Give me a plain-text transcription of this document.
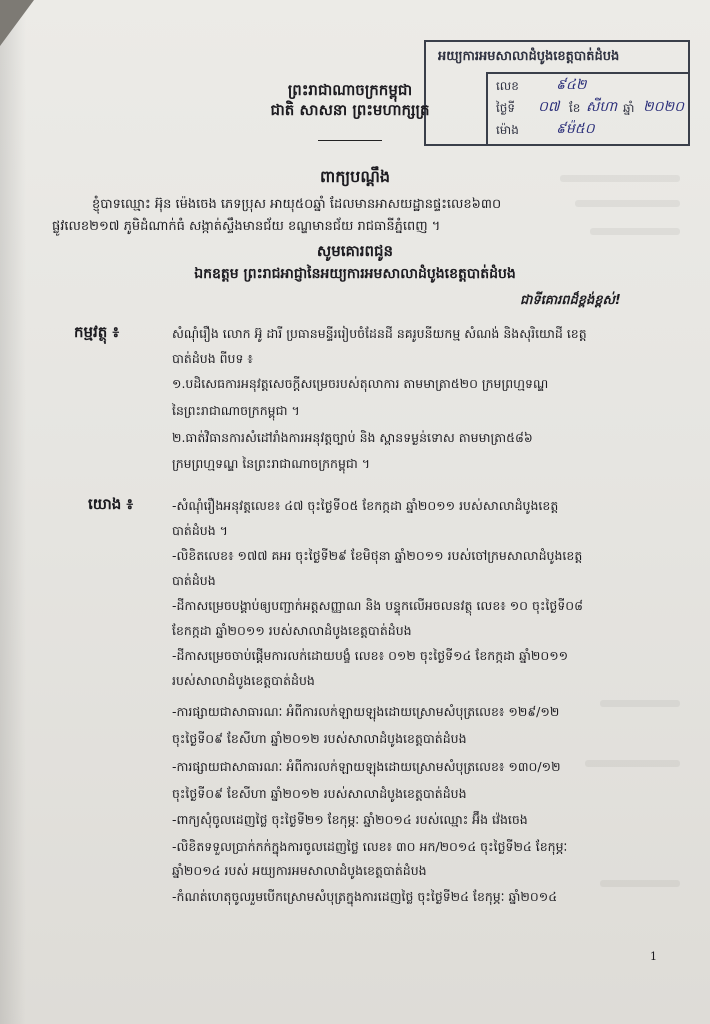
អយ្យការអមសាលាដំបូងខេត្តបាត់ដំបង
លេខ	៩៤២
ថ្ងៃទី ០៧ ខែ សីហា ឆ្នាំ ២០២០
ម៉ោង	៩ម៉៥០
ព្រះរាជាណាចក្រកម្ពុជា
ជាតិ សាសនា ព្រះមហាក្សត្រ
ពាក្យបណ្តឹង
ខ្ញុំបាទឈ្មោះ អ៊ុន ម៉េងចេង ភេទប្រុស អាយុ៥០ឆ្នាំ ដែលមានអាសយដ្ឋានផ្ទះលេខ៦៣០
ផ្លូវលេខ២១៧ ភូមិដំណាក់ធំ សង្កាត់ស្ទឹងមានជ័យ ខណ្ឌមានជ័យ រាជធានីភ្នំពេញ ។
សូមគោរពជូន
ឯកឧត្តម ព្រះរាជអាជ្ញានៃអយ្យការអមសាលាដំបូងខេត្តបាត់ដំបង
ជាទីគោរពដ៏ខ្ពង់ខ្ពស់!
កម្មវត្ថុ ៖	សំណុំរឿង លោក អ៊ូ ដារី ប្រធានមន្ទីររៀបចំដែនដី នគរូបនីយកម្ម សំណង់ និងសុរិយោដី ខេត្ត
បាត់ដំបង ពីបទ ៖
១.បដិសេធការអនុវត្តសេចក្តីសម្រេចរបស់តុលាការ តាមមាត្រា៥២០ ក្រមព្រហ្មទណ្ឌ
នៃព្រះរាជាណាចក្រកម្ពុជា ។
២.ធាត់វិធានការសំដៅរាំងការអនុវត្តច្បាប់ និង ស្ពានទម្ងន់ទោស តាមមាត្រា៥៨៦
ក្រមព្រហ្មទណ្ឌ នៃព្រះរាជាណាចក្រកម្ពុជា ។
យោង ៖	-សំណុំរឿងអនុវត្តលេខ៖ ៤៧ ចុះថ្ងៃទី០៥ ខែកក្កដា ឆ្នាំ២០១១ របស់សាលាដំបូងខេត្ត
បាត់ដំបង ។
-លិខិតលេខ៖ ១៧៧ គអរ ចុះថ្ងៃទី២៩ ខែមិថុនា ឆ្នាំ២០១១ របស់ចៅក្រមសាលាដំបូងខេត្ត
បាត់ដំបង
-ដីកាសម្រេចបង្គាប់ឲ្យបញ្ជាក់អត្តសញ្ញាណ និង បន្ទុកលើអចលនវត្ថុ លេខ៖ ១០ ចុះថ្ងៃទី០៨
ខែកក្កដា ឆ្នាំ២០១១ របស់សាលាដំបូងខេត្តបាត់ដំបង
-ដីកាសម្រេចចាប់ផ្តើមការលក់ដោយបង្ខំ លេខ៖ ០១២ ចុះថ្ងៃទី១៤ ខែកក្កដា ឆ្នាំ២០១១
របស់សាលាដំបូងខេត្តបាត់ដំបង
-ការផ្សាយជាសាធារណៈ អំពីការលក់ឡាយឡុងដោយស្រោមសំបុត្រលេខ៖ ១២៩/១២
ចុះថ្ងៃទី០៩ ខែសីហា ឆ្នាំ២០១២ របស់សាលាដំបូងខេត្តបាត់ដំបង
-ការផ្សាយជាសាធារណៈ អំពីការលក់ឡាយឡុងដោយស្រោមសំបុត្រលេខ៖ ១៣០/១២
ចុះថ្ងៃទី០៩ ខែសីហា ឆ្នាំ២០១២ របស់សាលាដំបូងខេត្តបាត់ដំបង
-ពាក្យសុំចូលដេញថ្លៃ ចុះថ្ងៃទី២១ ខែកុម្ភៈ ឆ្នាំ២០១៤ របស់ឈ្មោះ អ៊ឹង វ៉េងចេង
-លិខិតទទួលប្រាក់កក់ក្នុងការចូលដេញថ្លៃ លេខ៖ ៣០ អក/២០១៤ ចុះថ្ងៃទី២៤ ខែកុម្ភៈ
ឆ្នាំ២០១៤ របស់ អយ្យការអមសាលាដំបូងខេត្តបាត់ដំបង
-កំណត់ហេតុចូលរួមបើកស្រោមសំបុត្រក្នុងការដេញថ្លៃ ចុះថ្ងៃទី២៤ ខែកុម្ភៈ ឆ្នាំ២០១៤
1
